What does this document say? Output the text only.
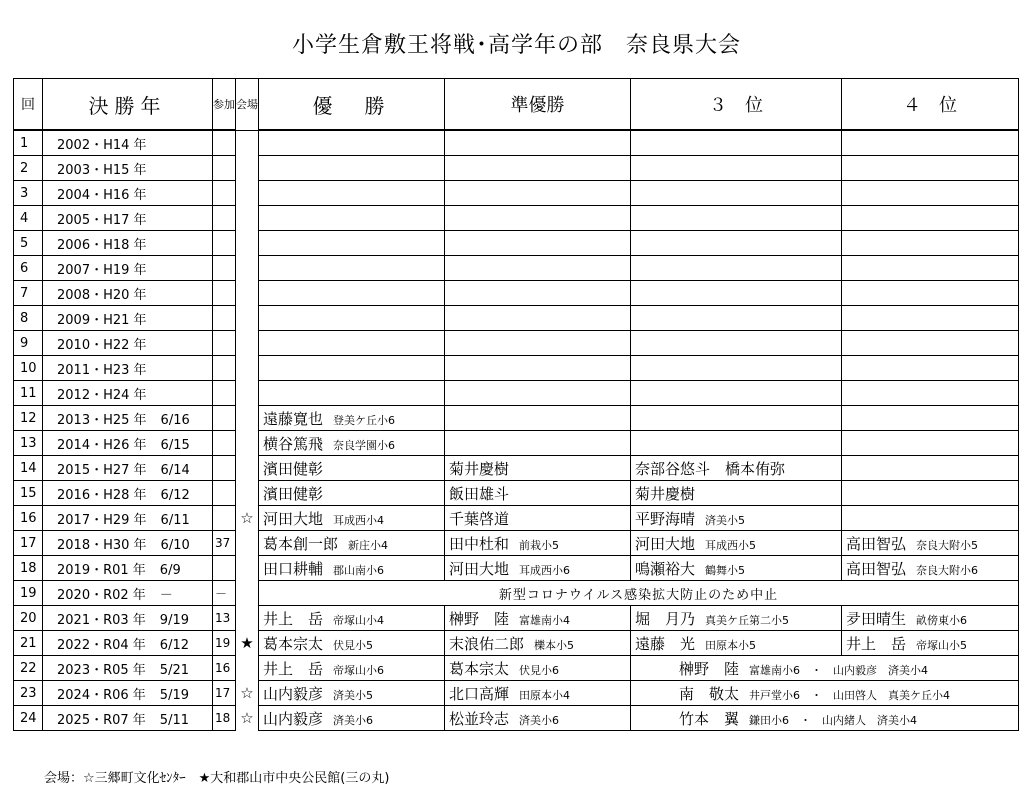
小学生倉敷王将戦･高学年の部　奈良県大会
回	決勝年	参加	会場	優　勝	準優勝	３　位	４　位
1	2002・H14 年						
2	2003・H15 年						
3	2004・H16 年						
4	2005・H17 年						
5	2006・H18 年						
6	2007・H19 年						
7	2008・H20 年						
8	2009・H21 年						
9	2010・H22 年						
10	2011・H23 年						
11	2012・H24 年						
12	2013・H25 年 6/16			遠藤寛也 登美ケ丘小6			
13	2014・H26 年 6/15			横谷篤飛 奈良学園小6			
14	2015・H27 年 6/14			濱田健彰	菊井慶樹	奈部谷悠斗　橋本侑弥	
15	2016・H28 年 6/12			濱田健彰	飯田雄斗	菊井慶樹	
16	2017・H29 年 6/11		☆	河田大地 耳成西小4	千葉啓道	平野海晴 済美小5	
17	2018・H30 年 6/10	37		葛本創一郎 新庄小4	田中杜和 前栽小5	河田大地 耳成西小5	高田智弘 奈良大附小5
18	2019・R01 年 6/9			田口耕輔 郡山南小6	河田大地 耳成西小6	鳴瀬裕大 鶴舞小5	高田智弘 奈良大附小6
19	2020・R02 年 －	－		新型コロナウイルス感染拡大防止のため中止			
20	2021・R03 年 9/19	13		井上　岳 帝塚山小4	榊野　陸 富雄南小4	堀　月乃 真美ケ丘第二小5	夛田晴生 畝傍東小6
21	2022・R04 年 6/12	19	★	葛本宗太 伏見小5	末浪佑二郎 櫟本小5	遠藤　光 田原本小5	井上　岳 帝塚山小5
22	2023・R05 年 5/21	16		井上　岳 帝塚山小6	葛本宗太 伏見小6	榊野　陸 富雄南小6　・　山内毅彦　済美小4	
23	2024・R06 年 5/19	17	☆	山内毅彦 済美小5	北口高輝 田原本小4	南　敬太 井戸堂小6　・　山田啓人　真美ケ丘小4	
24	2025・R07 年 5/11	18	☆	山内毅彦 済美小6	松並玲志 済美小6	竹本　翼 鎌田小6　・　山内緒人　済美小4	
会場：☆三郷町文化ｾﾝﾀｰ　★大和郡山市中央公民館(三の丸)
